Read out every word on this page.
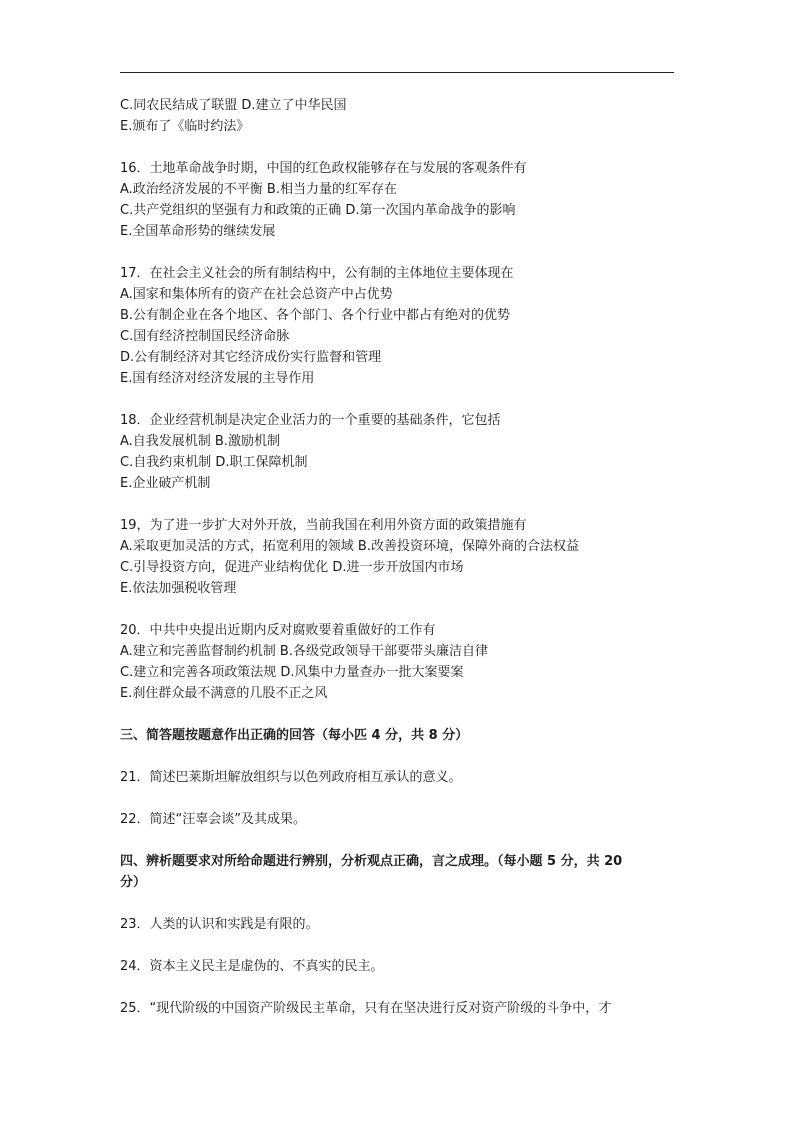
C.同农民结成了联盟 D.建立了中华民国
E.颁布了《临时约法》
16．土地革命战争时期，中国的红色政权能够存在与发展的客观条件有
A.政治经济发展的不平衡 B.相当力量的红军存在
C.共产党组织的坚强有力和政策的正确 D.第一次国内革命战争的影响
E.全国革命形势的继续发展
17．在社会主义社会的所有制结构中，公有制的主体地位主要体现在
A.国家和集体所有的资产在社会总资产中占优势
B.公有制企业在各个地区、各个部门、各个行业中都占有绝对的优势
C.国有经济控制国民经济命脉
D.公有制经济对其它经济成份实行监督和管理
E.国有经济对经济发展的主导作用
18．企业经营机制是决定企业活力的一个重要的基础条件，它包括
A.自我发展机制 B.激励机制
C.自我约束机制 D.职工保障机制
E.企业破产机制
19，为了进一步扩大对外开放，当前我国在利用外资方面的政策措施有
A.采取更加灵活的方式，拓宽利用的领域 B.改善投资环境，保障外商的合法权益
C.引导投资方向，促进产业结构优化 D.进一步开放国内市场
E.依法加强税收管理
20．中共中央提出近期内反对腐败要着重做好的工作有
A.建立和完善监督制约机制 B.各级党政领导干部要带头廉洁自律
C.建立和完善各项政策法规 D.风集中力量查办一批大案要案
E.刹住群众最不满意的几股不正之风
三、简答题按题意作出正确的回答（每小匹 4 分，共 8 分）
21．简述巴莱斯坦解放组织与以色列政府相互承认的意义。
22．简述“汪辜会谈”及其成果。
四、辨析题要求对所给命题进行辨别，分析观点正确，言之成理。（每小题 5 分，共 20
分）
23．人类的认识和实践是有限的。
24．资本主义民主是虚伪的、不真实的民主。
25．“现代阶级的中国资产阶级民主革命，只有在坚决进行反对资产阶级的斗争中，才
